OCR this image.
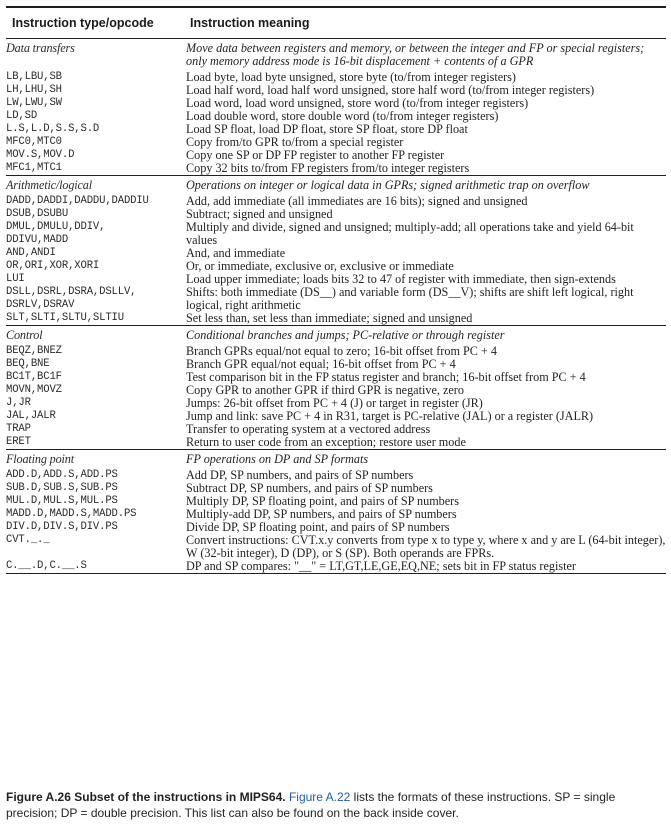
Instruction type/opcode	Instruction meaning
Data transfers	Move data between registers and memory, or between the integer and FP or special registers; only memory address mode is 16-bit displacement + contents of a GPR
LB,LBU,SB	Load byte, load byte unsigned, store byte (to/from integer registers)
LH,LHU,SH	Load half word, load half word unsigned, store half word (to/from integer registers)
LW,LWU,SW	Load word, load word unsigned, store word (to/from integer registers)
LD,SD	Load double word, store double word (to/from integer registers)
L.S,L.D,S.S,S.D	Load SP float, load DP float, store SP float, store DP float
MFC0,MTC0	Copy from/to GPR to/from a special register
MOV.S,MOV.D	Copy one SP or DP FP register to another FP register
MFC1,MTC1	Copy 32 bits to/from FP registers from/to integer registers
Arithmetic/logical	Operations on integer or logical data in GPRs; signed arithmetic trap on overflow
DADD,DADDI,DADDU,DADDIU	Add, add immediate (all immediates are 16 bits); signed and unsigned
DSUB,DSUBU	Subtract; signed and unsigned
DMUL,DMULU,DDIV,
DDIVU,MADD	Multiply and divide, signed and unsigned; multiply-add; all operations take and yield 64-bit values
AND,ANDI	And, and immediate
OR,ORI,XOR,XORI	Or, or immediate, exclusive or, exclusive or immediate
LUI	Load upper immediate; loads bits 32 to 47 of register with immediate, then sign-extends
DSLL,DSRL,DSRA,DSLLV,
DSRLV,DSRAV	Shifts: both immediate (DS__) and variable form (DS__V); shifts are shift left logical, right logical, right arithmetic
SLT,SLTI,SLTU,SLTIU	Set less than, set less than immediate; signed and unsigned
Control	Conditional branches and jumps; PC-relative or through register
BEQZ,BNEZ	Branch GPRs equal/not equal to zero; 16-bit offset from PC + 4
BEQ,BNE	Branch GPR equal/not equal; 16-bit offset from PC + 4
BC1T,BC1F	Test comparison bit in the FP status register and branch; 16-bit offset from PC + 4
MOVN,MOVZ	Copy GPR to another GPR if third GPR is negative, zero
J,JR	Jumps: 26-bit offset from PC + 4 (J) or target in register (JR)
JAL,JALR	Jump and link: save PC + 4 in R31, target is PC-relative (JAL) or a register (JALR)
TRAP	Transfer to operating system at a vectored address
ERET	Return to user code from an exception; restore user mode
Floating point	FP operations on DP and SP formats
ADD.D,ADD.S,ADD.PS	Add DP, SP numbers, and pairs of SP numbers
SUB.D,SUB.S,SUB.PS	Subtract DP, SP numbers, and pairs of SP numbers
MUL.D,MUL.S,MUL.PS	Multiply DP, SP floating point, and pairs of SP numbers
MADD.D,MADD.S,MADD.PS	Multiply-add DP, SP numbers, and pairs of SP numbers
DIV.D,DIV.S,DIV.PS	Divide DP, SP floating point, and pairs of SP numbers
CVT._._	Convert instructions: CVT.x.y converts from type x to type y, where x and y are L (64-bit integer), W (32-bit integer), D (DP), or S (SP). Both operands are FPRs.
C.__.D,C.__.S	DP and SP compares: "__" = LT,GT,LE,GE,EQ,NE; sets bit in FP status register
Figure A.26 Subset of the instructions in MIPS64. Figure A.22 lists the formats of these instructions. SP = single precision; DP = double precision. This list can also be found on the back inside cover.
